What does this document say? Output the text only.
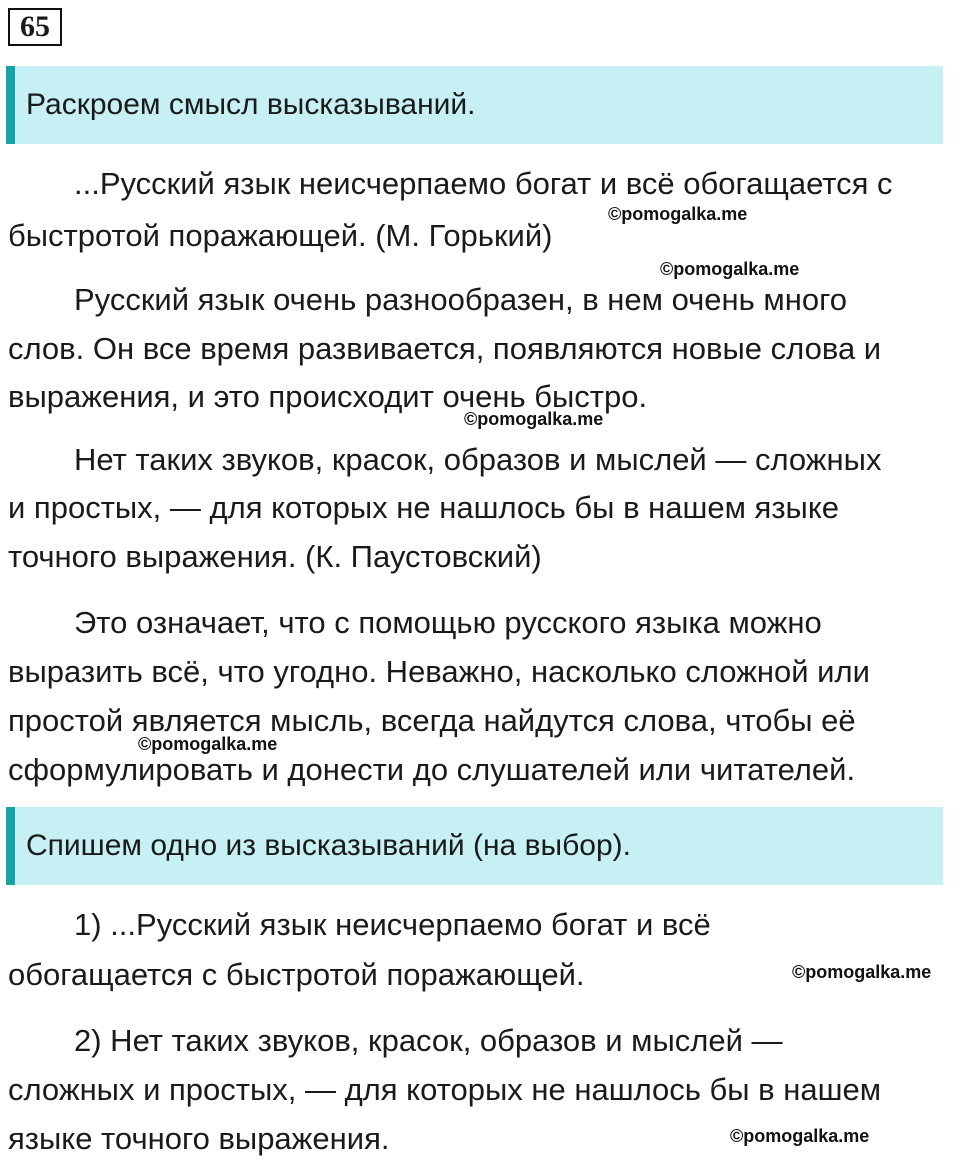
65
Раскроем смысл высказываний.
...Русский язык неисчерпаемо богат и всё обогащается с
быстротой поражающей. (М. Горький)
©pomogalka.me
©pomogalka.me
Русский язык очень разнообразен, в нем очень много
слов. Он все время развивается, появляются новые слова и
выражения, и это происходит очень быстро.
©pomogalka.me
Нет таких звуков, красок, образов и мыслей — сложных
и простых, — для которых не нашлось бы в нашем языке
точного выражения. (К. Паустовский)
Это означает, что с помощью русского языка можно
выразить всё, что угодно. Неважно, насколько сложной или
простой является мысль, всегда найдутся слова, чтобы её
©pomogalka.me
сформулировать и донести до слушателей или читателей.
Спишем одно из высказываний (на выбор).
1) ...Русский язык неисчерпаемо богат и всё
обогащается с быстротой поражающей.	©pomogalka.me
2) Нет таких звуков, красок, образов и мыслей —
сложных и простых, — для которых не нашлось бы в нашем
языке точного выражения.	©pomogalka.me
